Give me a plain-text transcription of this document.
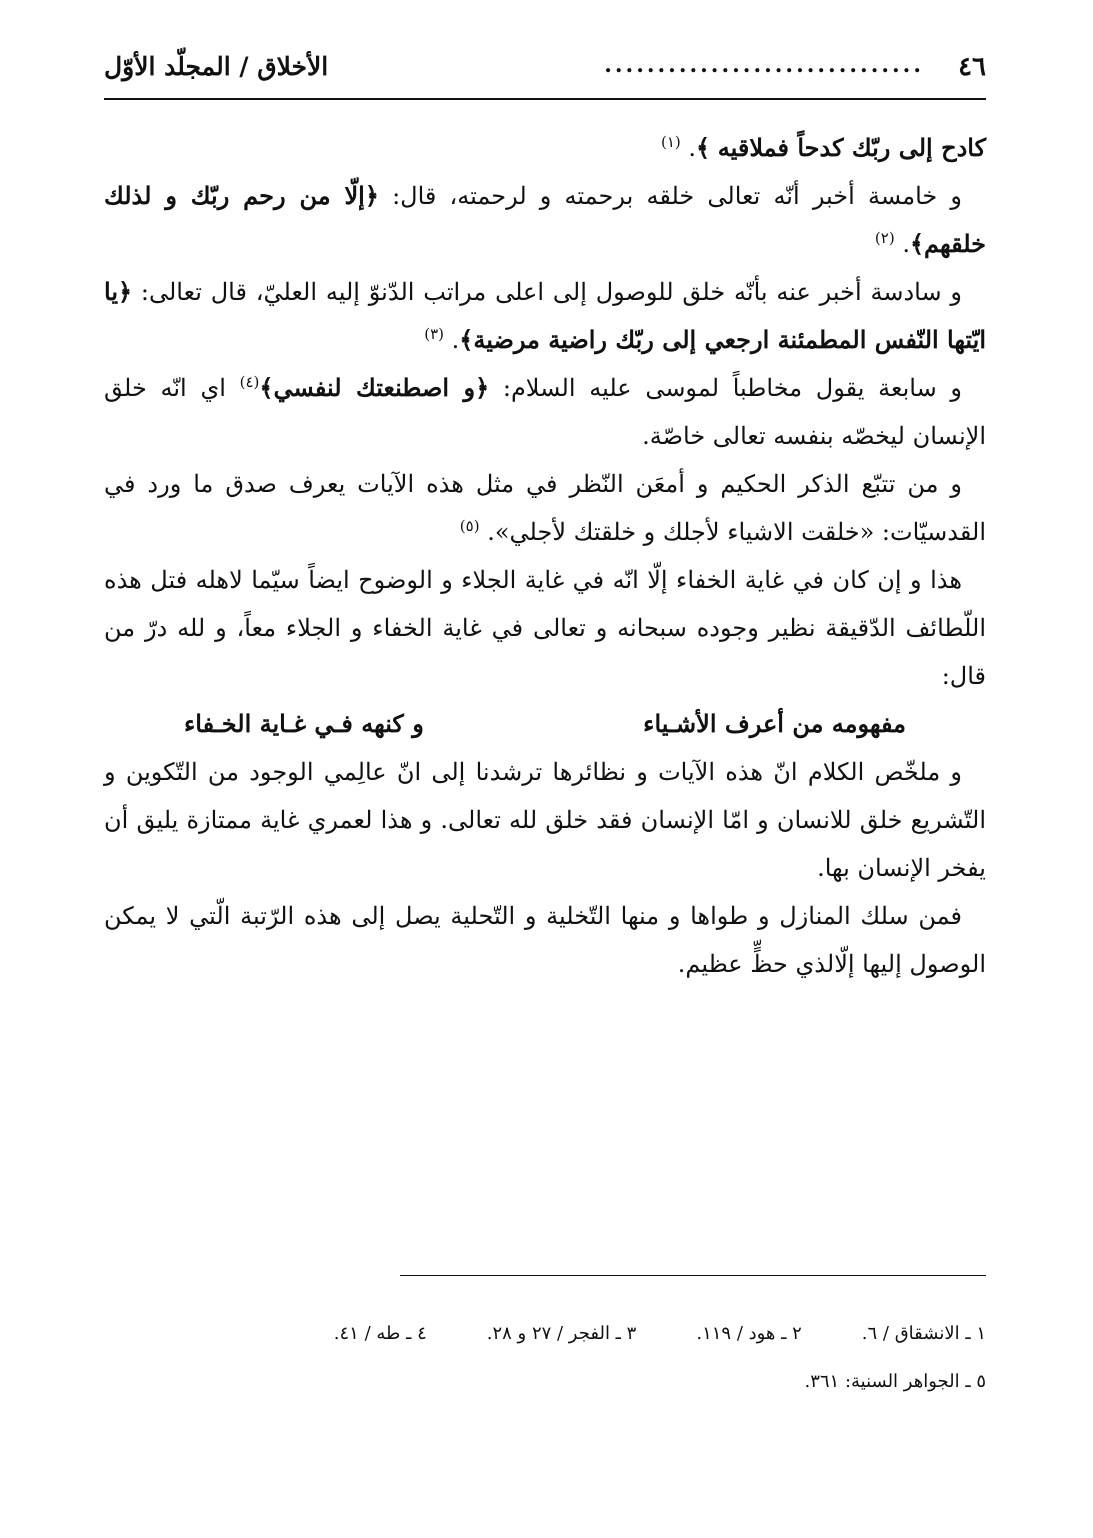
٤٦
..............................
الأخلاق / المجلّد الأوّل

كادح إلى ربّك كدحاً فملاقيه ﴾. $^{(١)}$

و خامسة أخبر أنّه تعالى خلقه برحمته و لرحمته، قال: ﴿إلّا من رحم ربّك و لذلك خلقهم﴾. $^{(٢)}$

و سادسة أخبر عنه بأنّه خلق للوصول إلى اعلى مراتب الدّنوّ إليه العليّ، قال تعالى: ﴿يا ايّتها النّفس المطمئنة ارجعي إلى ربّك راضية مرضية﴾. $^{(٣)}$

و سابعة يقول مخاطباً لموسى عليه السلام: ﴿و اصطنعتك لنفسي﴾$^{(٤)}$ اي انّه خلق الإنسان ليخصّه بنفسه تعالى خاصّة.

و من تتبّع الذكر الحكيم و أمعَن النّظر في مثل هذه الآيات يعرف صدق ما ورد في القدسيّات: «خلقت الاشياء لأجلك و خلقتك لأجلي». $^{(٥)}$

هذا و إن كان في غاية الخفاء إلّا انّه في غاية الجلاء و الوضوح ايضاً سيّما لاهله فتل هذه اللّطائف الدّقيقة نظير وجوده سبحانه و تعالى في غاية الخفاء و الجلاء معاً، و لله درّ من قال:

مفهومه من أعرف الأشـياء
و كنهه فـي غـاية الخـفاء

و ملخّص الكلام انّ هذه الآيات و نظائرها ترشدنا إلى انّ عالِمي الوجود من التّكوين و التّشريع خلق للانسان و امّا الإنسان فقد خلق لله تعالى. و هذا لعمري غاية ممتازة يليق أن يفخر الإنسان بها.

فمن سلك المنازل و طواها و منها التّخلية و التّحلية يصل إلى هذه الرّتبة الّتي لا يمكن الوصول إليها إلّالذي حظٍّ عظيم.

١ ـ الانشقاق / ٦.
٢ ـ هود / ١١٩.
٣ ـ الفجر / ٢٧ و ٢٨.
٤ ـ طه / ٤١.
٥ ـ الجواهر السنية: ٣٦١.
